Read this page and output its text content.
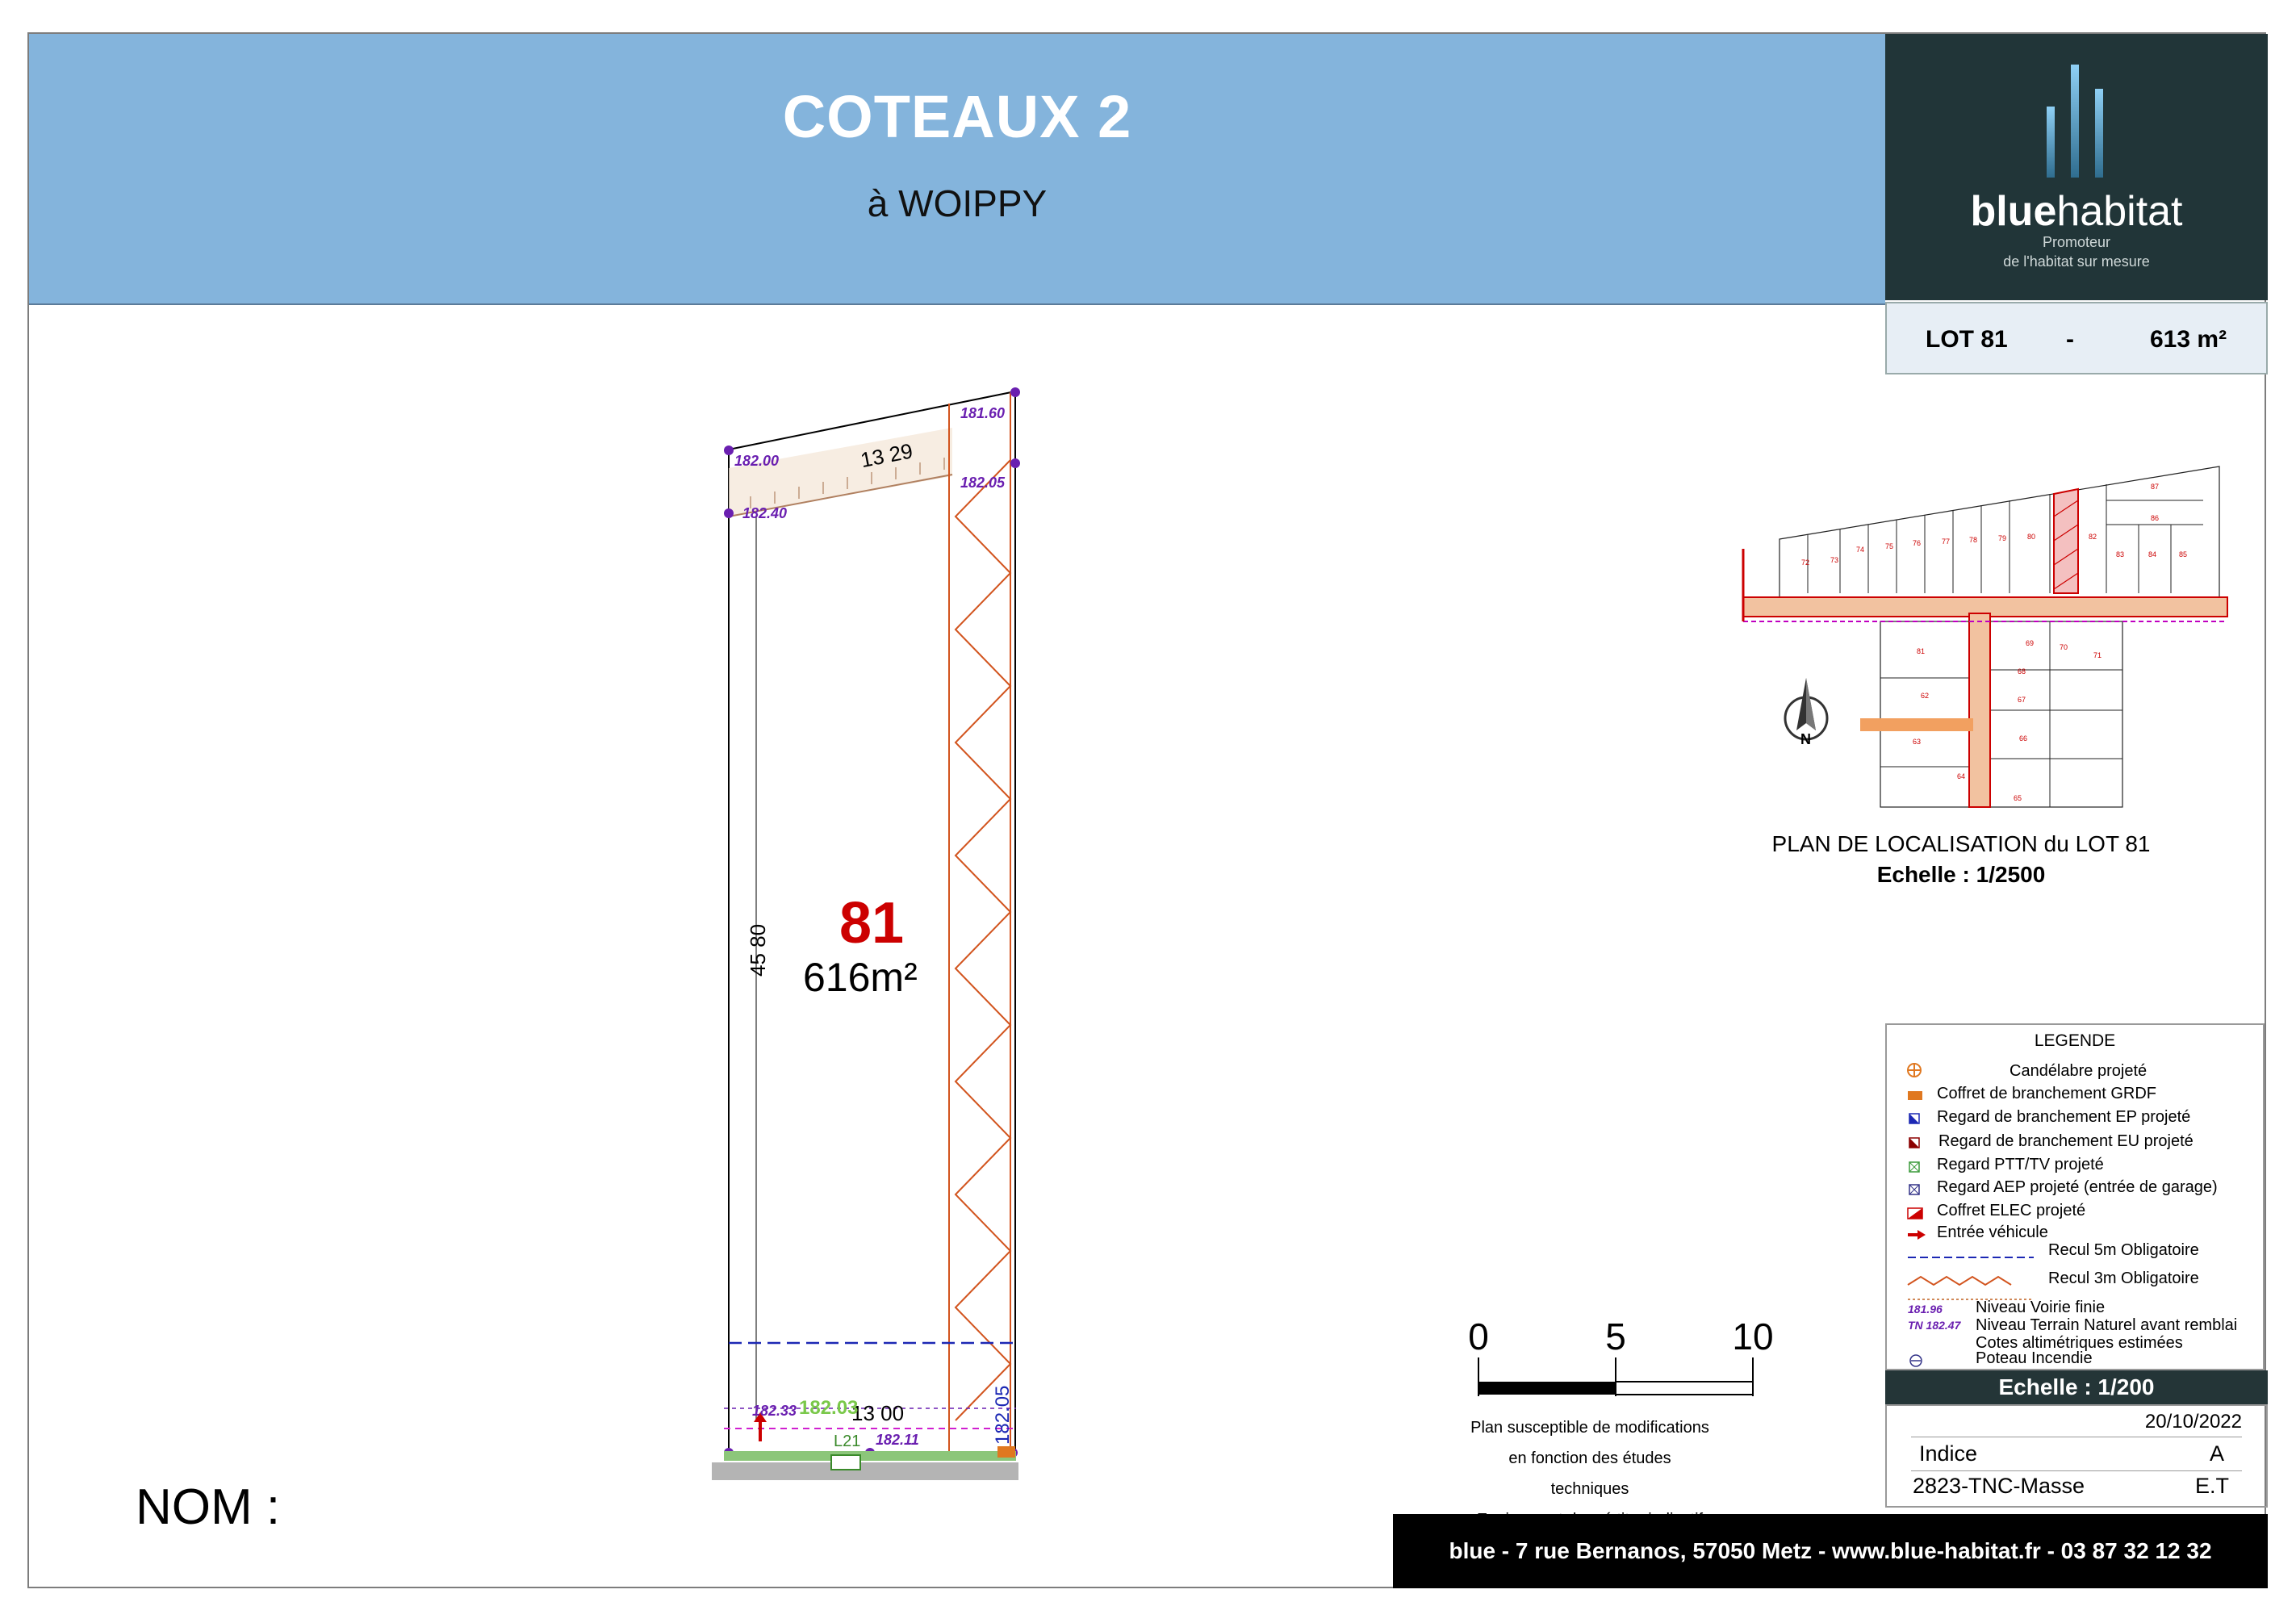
COTEAUX 2
à WOIPPY	bluehabitat
Promoteur
de l'habitat sur mesure
LOT 81 -	613 m²
13 29
45 80
13 00	182.05
81
616m²
181.60
182.00
182.05
182.40
182.33
182.11
182.03
L21
N
72	73
74	75	76	77	78	79	80	82
83	84	85
86
87
81
69	70
71
68
67
62
63
64
65
66
PLAN DE LOCALISATION du LOT 81
Echelle : 1/2500
LEGENDE
181.96
TN 182.47
Candélabre projeté
Coffret de branchement GRDF
Regard de branchement EP projeté
Regard de branchement EU projeté
Regard PTT/TV projeté
Regard AEP projeté (entrée de garage)
Coffret ELEC projeté
Entrée véhicule
Recul 5m Obligatoire
Recul 3m Obligatoire
Niveau Voirie finie
Niveau Terrain Naturel avant remblai
Cotes altimétriques estimées
Poteau Incendie
0	5	10
Plan susceptible de modifications
en fonction des études techniques
Echelle : 1/200
20/10/2022
Indice	A
2823-TNC-Masse	E.T
blue - 7 rue Bernanos, 57050 Metz - www.blue-habitat.fr - 03 87 32 12 32
NOM :
